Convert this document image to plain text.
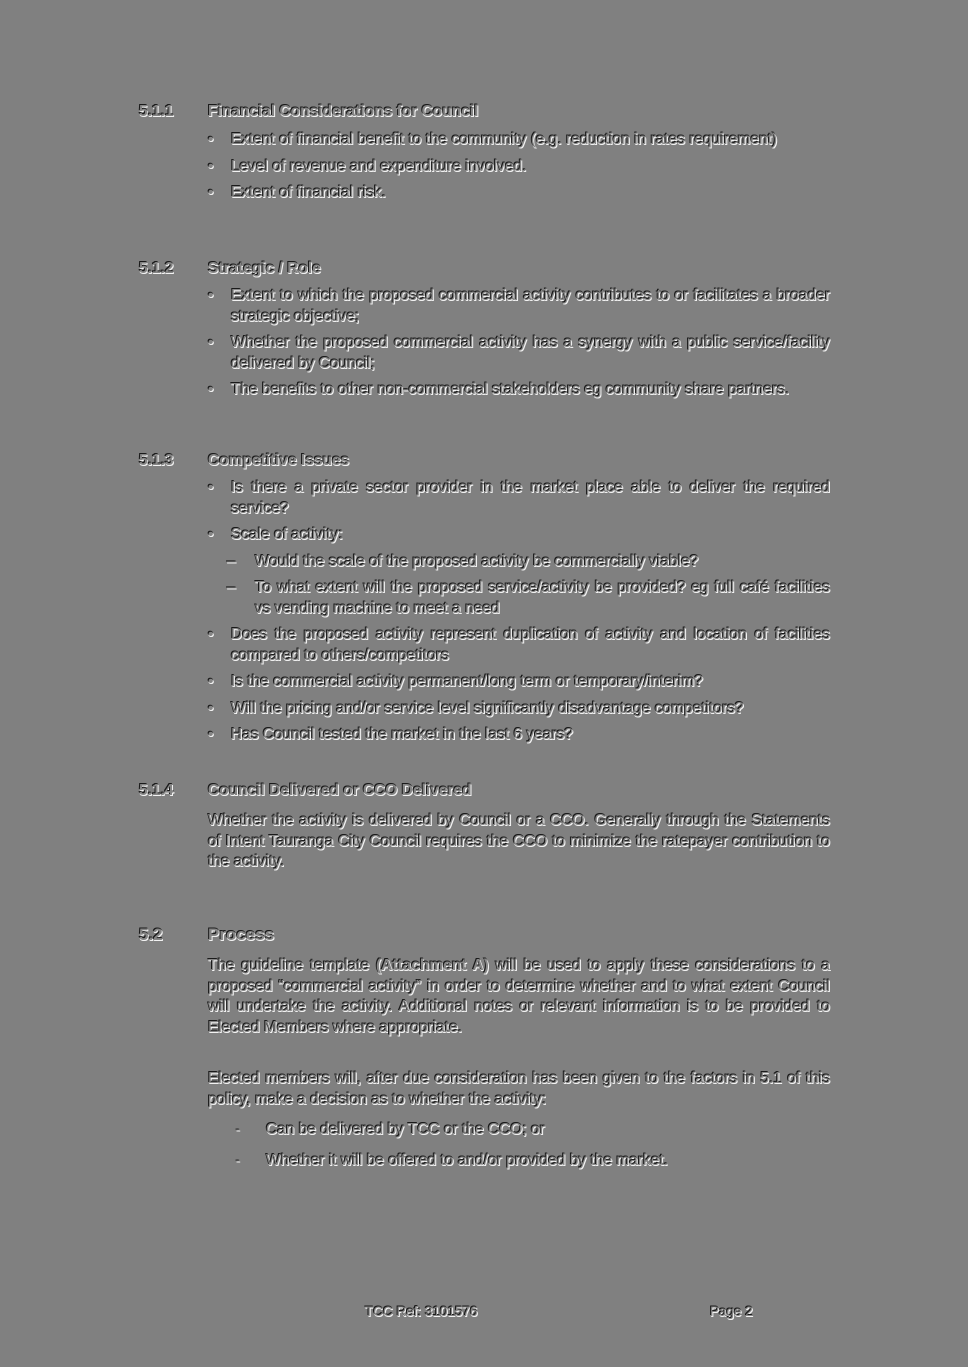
5.1.1 Financial Considerations for Council
• Extent of financial benefit to the community (e.g. reduction in rates requirement)
• Level of revenue and expenditure involved.
• Extent of financial risk.
5.1.2 Strategic / Role
• Extent to which the proposed commercial activity contributes to or facilitates a broader strategic objective;
• Whether the proposed commercial activity has a synergy with a public service/facility delivered by Council;
• The benefits to other non-commercial stakeholders eg community share partners.
5.1.3 Competitive Issues
• Is there a private sector provider in the market place able to deliver the required service?
• Scale of activity:
– Would the scale of the proposed activity be commercially viable?
– To what extent will the proposed service/activity be provided? eg full café facilities vs vending machine to meet a need
• Does the proposed activity represent duplication of activity and location of facilities compared to others/competitors
• Is the commercial activity permanent/long term or temporary/interim?
• Will the pricing and/or service level significantly disadvantage competitors?
• Has Council tested the market in the last 6 years?
5.1.4 Council Delivered or CCO Delivered

Whether the activity is delivered by Council or a CCO. Generally through the Statements of Intent Tauranga City Council requires the CCO to minimize the ratepayer contribution to the activity.

5.2	Process

The guideline template (Attachment A) will be used to apply these considerations to a proposed “commercial activity” in order to determine whether and to what extent Council will undertake the activity. Additional notes or relevant information is to be provided to Elected Members where appropriate.

Elected members will, after due consideration has been given to the factors in 5.1 of this policy, make a decision as to whether the activity:

- Can be delivered by TCC or the CCO; or
- Whether it will be offered to and/or provided by the market.
TCC Ref: 3101576	Page 2
